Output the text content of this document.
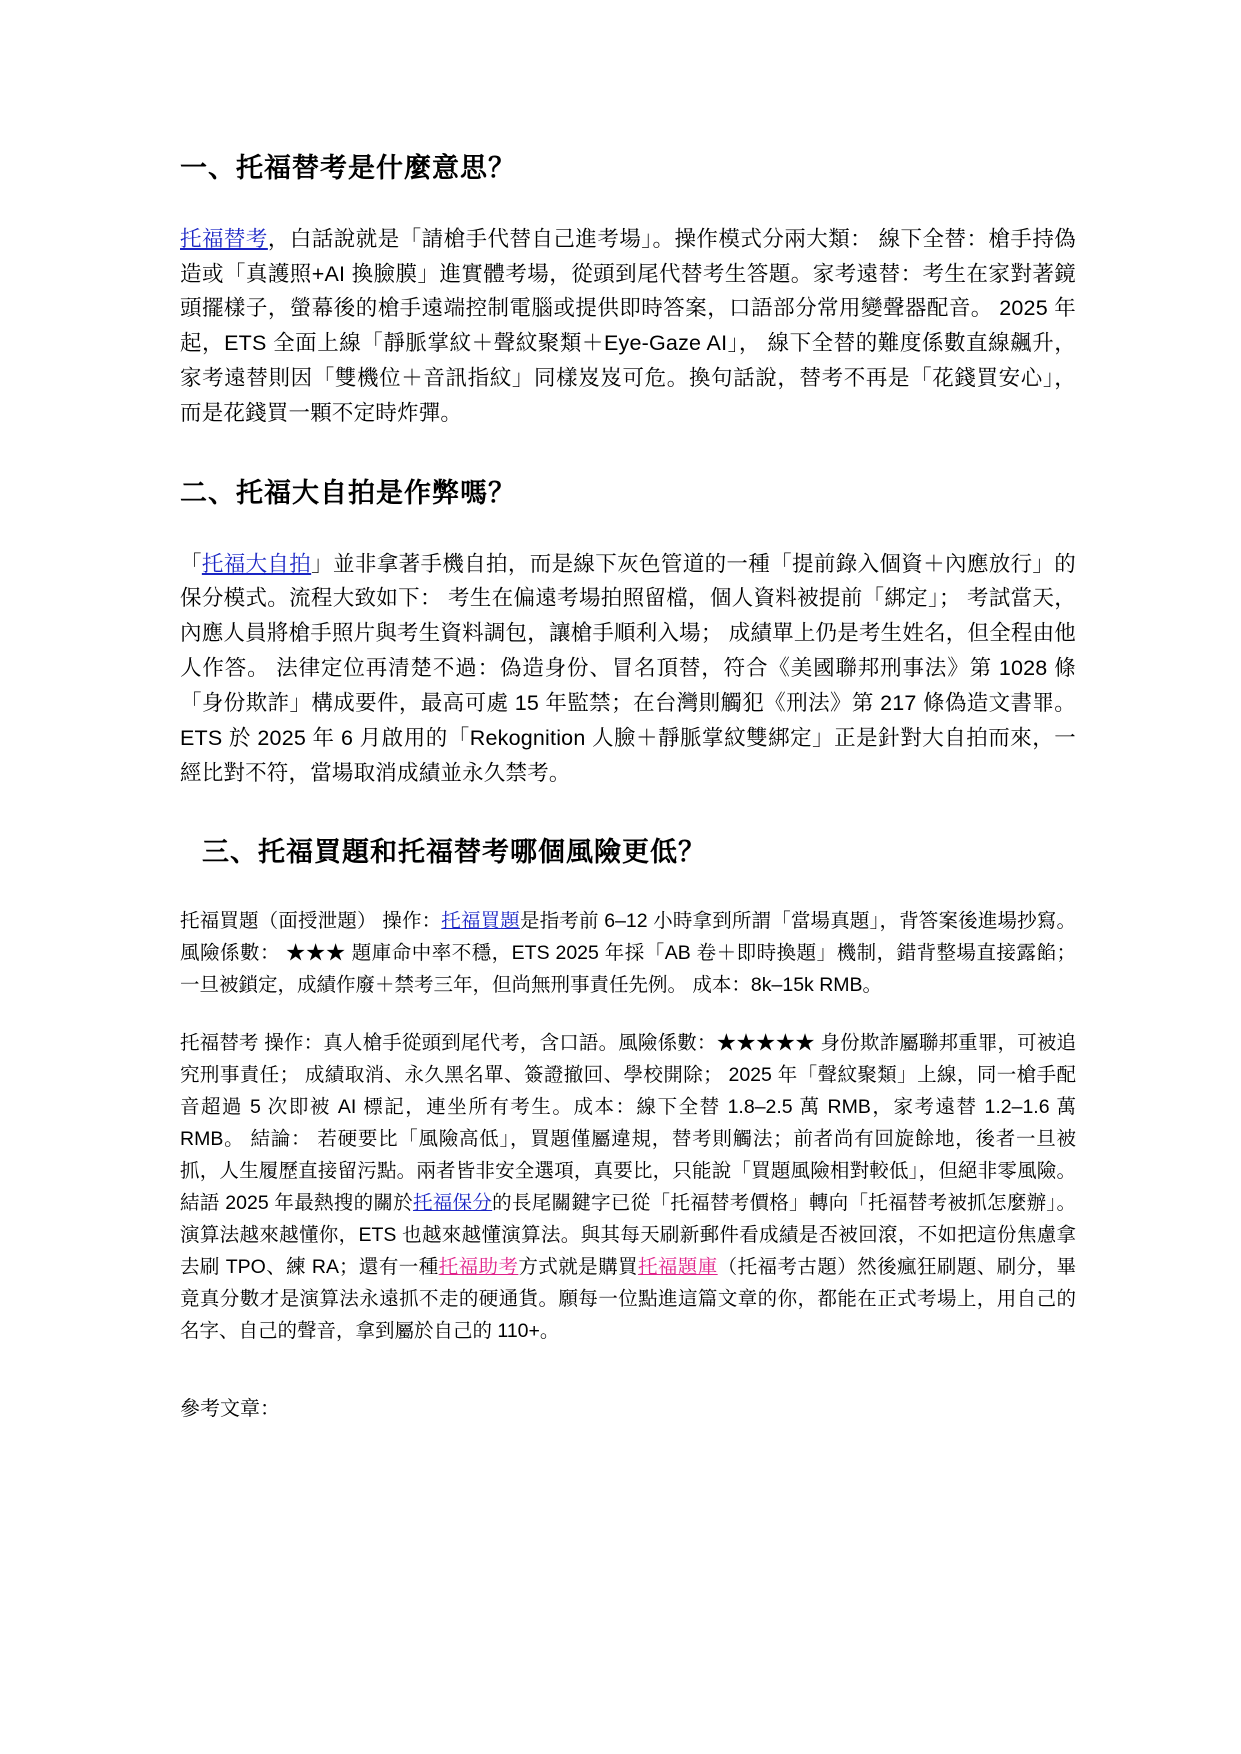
一、托福替考是什麼意思？

托福替考，白話說就是「請槍手代替自己進考場」。操作模式分兩大類： 線下全替：槍手持偽造或「真護照+AI 換臉膜」進實體考場，從頭到尾代替考生答題。家考遠替：考生在家對著鏡頭擺樣子，螢幕後的槍手遠端控制電腦或提供即時答案，口語部分常用變聲器配音。 2025 年起，ETS 全面上線「靜脈掌紋＋聲紋聚類＋Eye-Gaze AI」， 線下全替的難度係數直線飆升，家考遠替則因「雙機位＋音訊指紋」同樣岌岌可危。換句話說，替考不再是「花錢買安心」，而是花錢買一顆不定時炸彈。

二、托福大自拍是作弊嗎？

「托福大自拍」並非拿著手機自拍，而是線下灰色管道的一種「提前錄入個資＋內應放行」的保分模式。流程大致如下： 考生在偏遠考場拍照留檔，個人資料被提前「綁定」； 考試當天，內應人員將槍手照片與考生資料調包，讓槍手順利入場； 成績單上仍是考生姓名，但全程由他人作答。 法律定位再清楚不過：偽造身份、冒名頂替，符合《美國聯邦刑事法》第 1028 條「身份欺詐」構成要件，最高可處 15 年監禁；在台灣則觸犯《刑法》第 217 條偽造文書罪。ETS 於 2025 年 6 月啟用的「Rekognition 人臉＋靜脈掌紋雙綁定」正是針對大自拍而來，一經比對不符，當場取消成績並永久禁考。

三、托福買題和托福替考哪個風險更低？

托福買題（面授泄題） 操作：托福買題是指考前 6–12 小時拿到所謂「當場真題」，背答案後進場抄寫。 風險係數： ★★★ 題庫命中率不穩，ETS 2025 年採「AB 卷＋即時換題」機制，錯背整場直接露餡； 一旦被鎖定，成績作廢＋禁考三年，但尚無刑事責任先例。 成本：8k–15k RMB。

托福替考 操作：真人槍手從頭到尾代考，含口語。風險係數：★★★★★ 身份欺詐屬聯邦重罪，可被追究刑事責任； 成績取消、永久黑名單、簽證撤回、學校開除； 2025 年「聲紋聚類」上線，同一槍手配音超過 5 次即被 AI 標記，連坐所有考生。成本：線下全替 1.8–2.5 萬 RMB，家考遠替 1.2–1.6 萬 RMB。 結論： 若硬要比「風險高低」，買題僅屬違規，替考則觸法；前者尚有回旋餘地，後者一旦被抓，人生履歷直接留污點。兩者皆非安全選項，真要比，只能說「買題風險相對較低」，但絕非零風險。 結語 2025 年最熱搜的關於托福保分的長尾關鍵字已從「托福替考價格」轉向「托福替考被抓怎麼辦」。演算法越來越懂你，ETS 也越來越懂演算法。與其每天刷新郵件看成績是否被回滾，不如把這份焦慮拿去刷 TPO、練 RA；還有一種托福助考方式就是購買托福題庫（托福考古題）然後瘋狂刷題、刷分，畢竟真分數才是演算法永遠抓不走的硬通貨。願每一位點進這篇文章的你，都能在正式考場上，用自己的名字、自己的聲音，拿到屬於自己的 110+。

參考文章：
